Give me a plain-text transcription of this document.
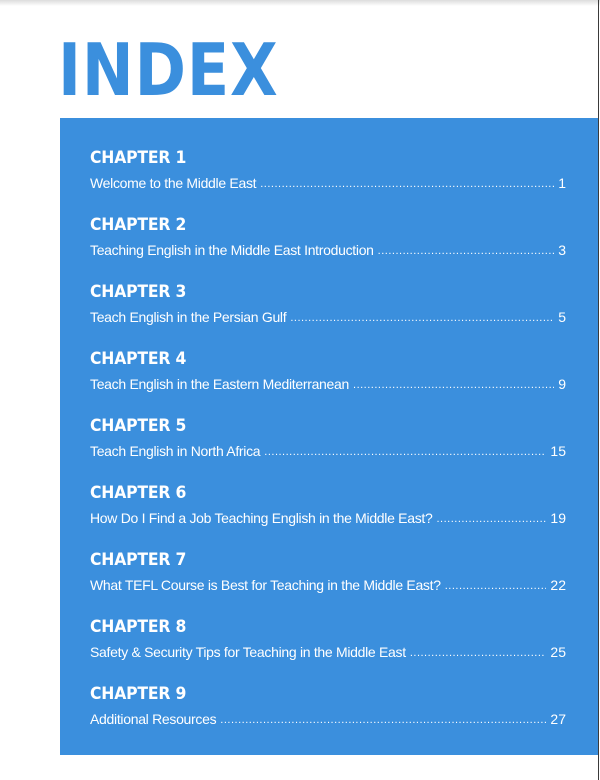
INDEX
CHAPTER 1
Welcome to the Middle East .....	1
CHAPTER 2
Teaching English in the Middle East Introduction .....	3
CHAPTER 3
Teach English in the Persian Gulf .....	5
CHAPTER 4
Teach English in the Eastern Mediterranean .....	9
CHAPTER 5
Teach English in North Africa .....	15
CHAPTER 6
How Do I Find a Job Teaching English in the Middle East? .....	19
CHAPTER 7
What TEFL Course is Best for Teaching in the Middle East? .....	22
CHAPTER 8
Safety & Security Tips for Teaching in the Middle East .....	25
CHAPTER 9
Additional Resources .....	27
